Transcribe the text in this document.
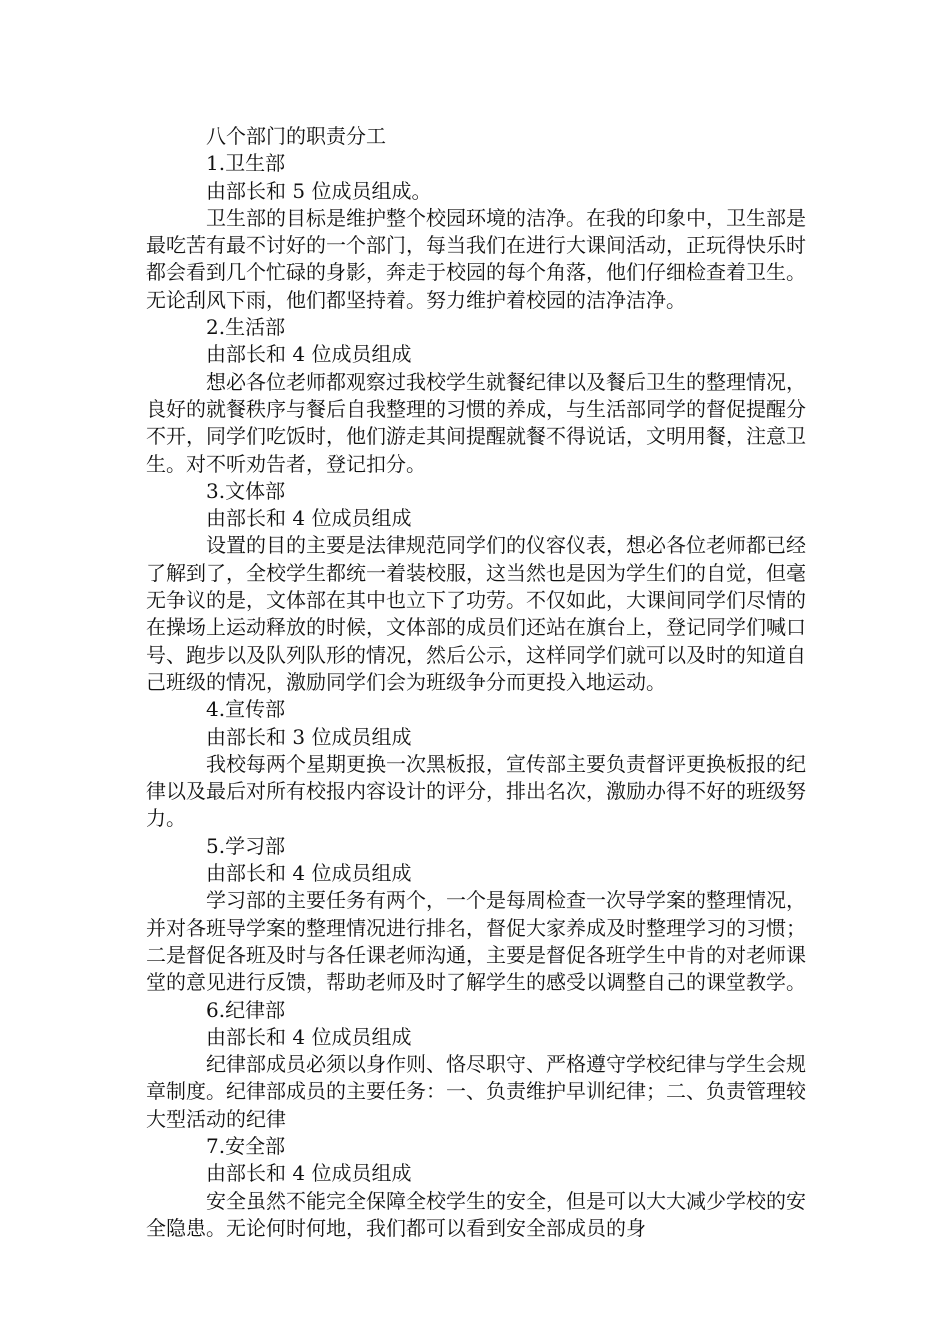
八个部门的职责分工
1.卫生部
由部长和 5 位成员组成。
卫生部的目标是维护整个校园环境的洁净。在我的印象中，卫生部是最吃苦有最不讨好的一个部门，每当我们在进行大课间活动，正玩得快乐时都会看到几个忙碌的身影，奔走于校园的每个角落，他们仔细检查着卫生。无论刮风下雨，他们都坚持着。努力维护着校园的洁净洁净。
2.生活部
由部长和 4 位成员组成
想必各位老师都观察过我校学生就餐纪律以及餐后卫生的整理情况，良好的就餐秩序与餐后自我整理的习惯的养成，与生活部同学的督促提醒分不开，同学们吃饭时，他们游走其间提醒就餐不得说话，文明用餐，注意卫生。对不听劝告者，登记扣分。
3.文体部
由部长和 4 位成员组成
设置的目的主要是法律规范同学们的仪容仪表，想必各位老师都已经了解到了，全校学生都统一着装校服，这当然也是因为学生们的自觉，但毫无争议的是，文体部在其中也立下了功劳。不仅如此，大课间同学们尽情的在操场上运动释放的时候，文体部的成员们还站在旗台上，登记同学们喊口号、跑步以及队列队形的情况，然后公示，这样同学们就可以及时的知道自己班级的情况，激励同学们会为班级争分而更投入地运动。
4.宣传部
由部长和 3 位成员组成
我校每两个星期更换一次黑板报，宣传部主要负责督评更换板报的纪律以及最后对所有校报内容设计的评分，排出名次，激励办得不好的班级努力。
5.学习部
由部长和 4 位成员组成
学习部的主要任务有两个，一个是每周检查一次导学案的整理情况，并对各班导学案的整理情况进行排名，督促大家养成及时整理学习的习惯；二是督促各班及时与各任课老师沟通，主要是督促各班学生中肯的对老师课堂的意见进行反馈，帮助老师及时了解学生的感受以调整自己的课堂教学。
6.纪律部
由部长和 4 位成员组成
纪律部成员必须以身作则、恪尽职守、严格遵守学校纪律与学生会规章制度。纪律部成员的主要任务：一、负责维护早训纪律；二、负责管理较大型活动的纪律
7.安全部
由部长和 4 位成员组成
安全虽然不能完全保障全校学生的安全，但是可以大大减少学校的安全隐患。无论何时何地，我们都可以看到安全部成员的身
